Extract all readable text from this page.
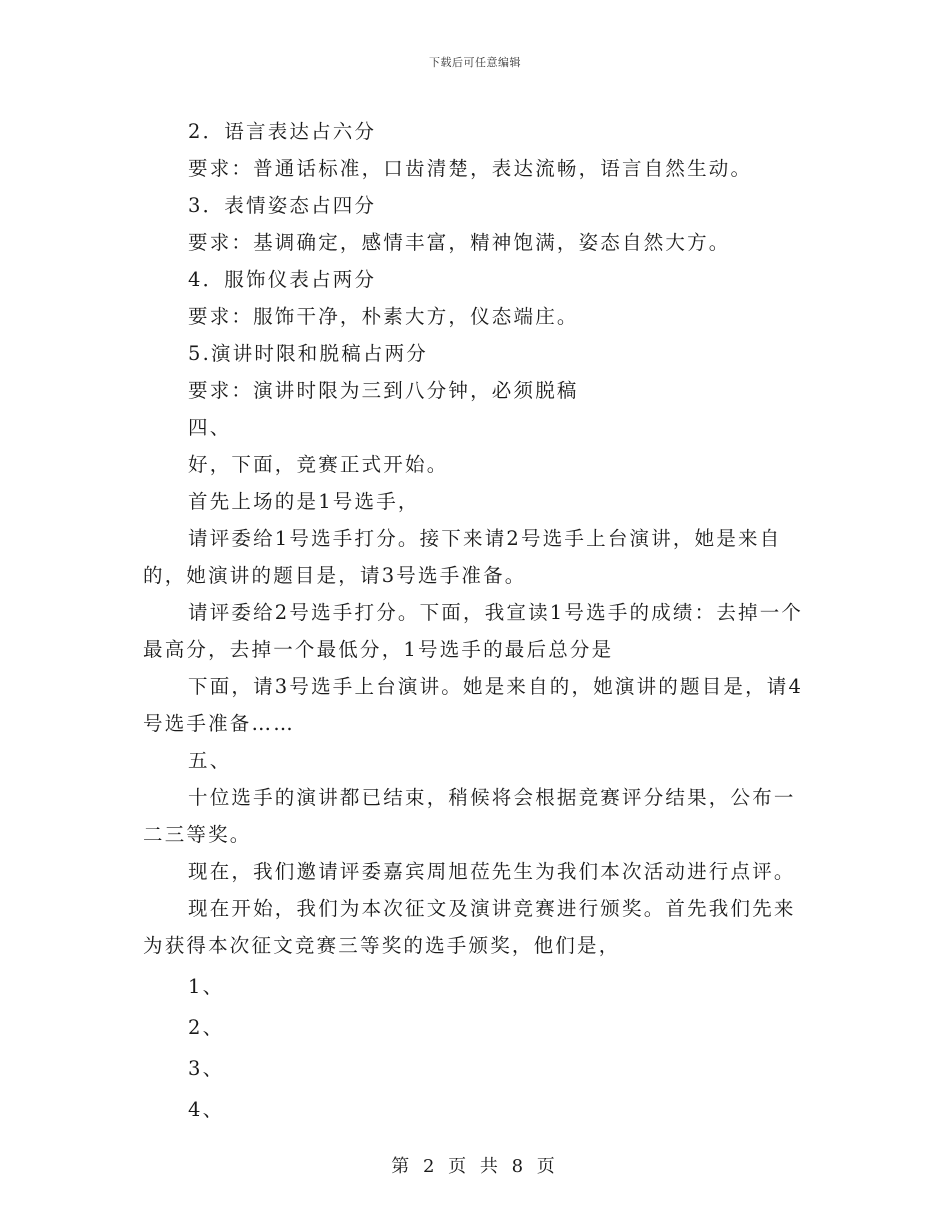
下载后可任意编辑

2．语言表达占六分

要求：普通话标准，口齿清楚，表达流畅，语言自然生动。

3．表情姿态占四分

要求：基调确定，感情丰富，精神饱满，姿态自然大方。

4．服饰仪表占两分

要求：服饰干净，朴素大方，仪态端庄。

5.演讲时限和脱稿占两分

要求：演讲时限为三到八分钟，必须脱稿

四、

好，下面，竞赛正式开始。

首先上场的是1号选手，

请评委给1号选手打分。接下来请2号选手上台演讲，她是来自的，她演讲的题目是，请3号选手准备。

请评委给2号选手打分。下面，我宣读1号选手的成绩：去掉一个最高分，去掉一个最低分，1号选手的最后总分是

下面，请3号选手上台演讲。她是来自的，她演讲的题目是，请4号选手准备……

五、

十位选手的演讲都已结束，稍候将会根据竞赛评分结果，公布一二三等奖。

现在，我们邀请评委嘉宾周旭莅先生为我们本次活动进行点评。

现在开始，我们为本次征文及演讲竞赛进行颁奖。首先我们先来为获得本次征文竞赛三等奖的选手颁奖，他们是，

1、
2、
3、
4、
第 2 页 共 8 页
